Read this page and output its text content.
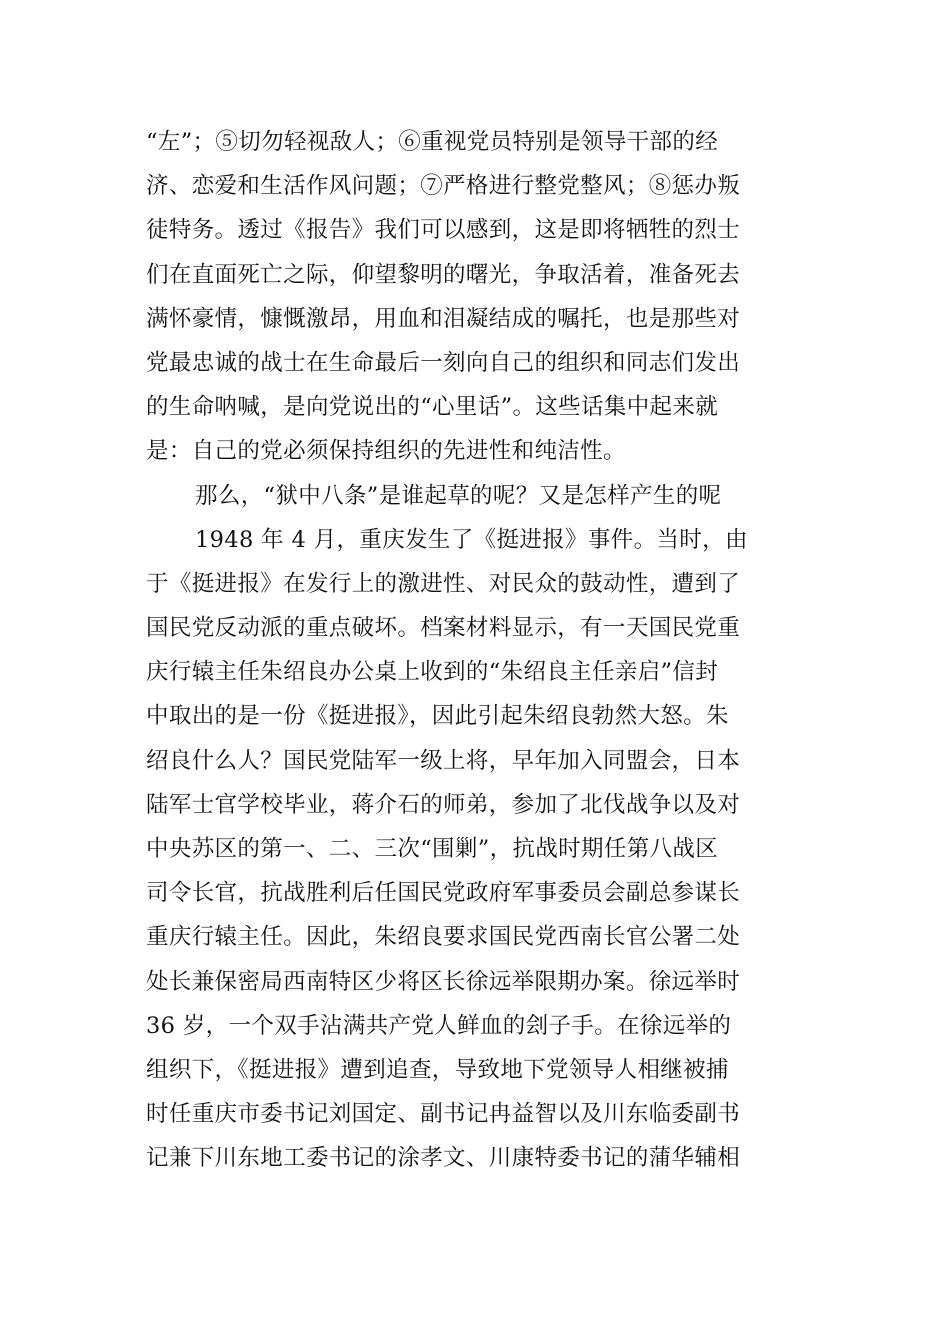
“左”；⑤切勿轻视敌人；⑥重视党员特别是领导干部的经
济、恋爱和生活作风问题；⑦严格进行整党整风；⑧惩办叛
徒特务。透过《报告》我们可以感到，这是即将牺牲的烈士
们在直面死亡之际，仰望黎明的曙光，争取活着，准备死去
满怀豪情，慷慨激昂，用血和泪凝结成的嘱托，也是那些对
党最忠诚的战士在生命最后一刻向自己的组织和同志们发出
的生命呐喊，是向党说出的“心里话”。这些话集中起来就
是：自己的党必须保持组织的先进性和纯洁性。
那么，“狱中八条”是谁起草的呢？又是怎样产生的呢
1948 年 4 月，重庆发生了《挺进报》事件。当时，由
于《挺进报》在发行上的激进性、对民众的鼓动性，遭到了
国民党反动派的重点破坏。档案材料显示，有一天国民党重
庆行辕主任朱绍良办公桌上收到的“朱绍良主任亲启”信封
中取出的是一份《挺进报》，因此引起朱绍良勃然大怒。朱
绍良什么人？国民党陆军一级上将，早年加入同盟会，日本
陆军士官学校毕业，蒋介石的师弟，参加了北伐战争以及对
中央苏区的第一、二、三次“围剿”，抗战时期任第八战区
司令长官，抗战胜利后任国民党政府军事委员会副总参谋长
重庆行辕主任。因此，朱绍良要求国民党西南长官公署二处
处长兼保密局西南特区少将区长徐远举限期办案。徐远举时
36 岁，一个双手沾满共产党人鲜血的刽子手。在徐远举的
组织下，《挺进报》遭到追查，导致地下党领导人相继被捕
时任重庆市委书记刘国定、副书记冉益智以及川东临委副书
记兼下川东地工委书记的涂孝文、川康特委书记的蒲华辅相
